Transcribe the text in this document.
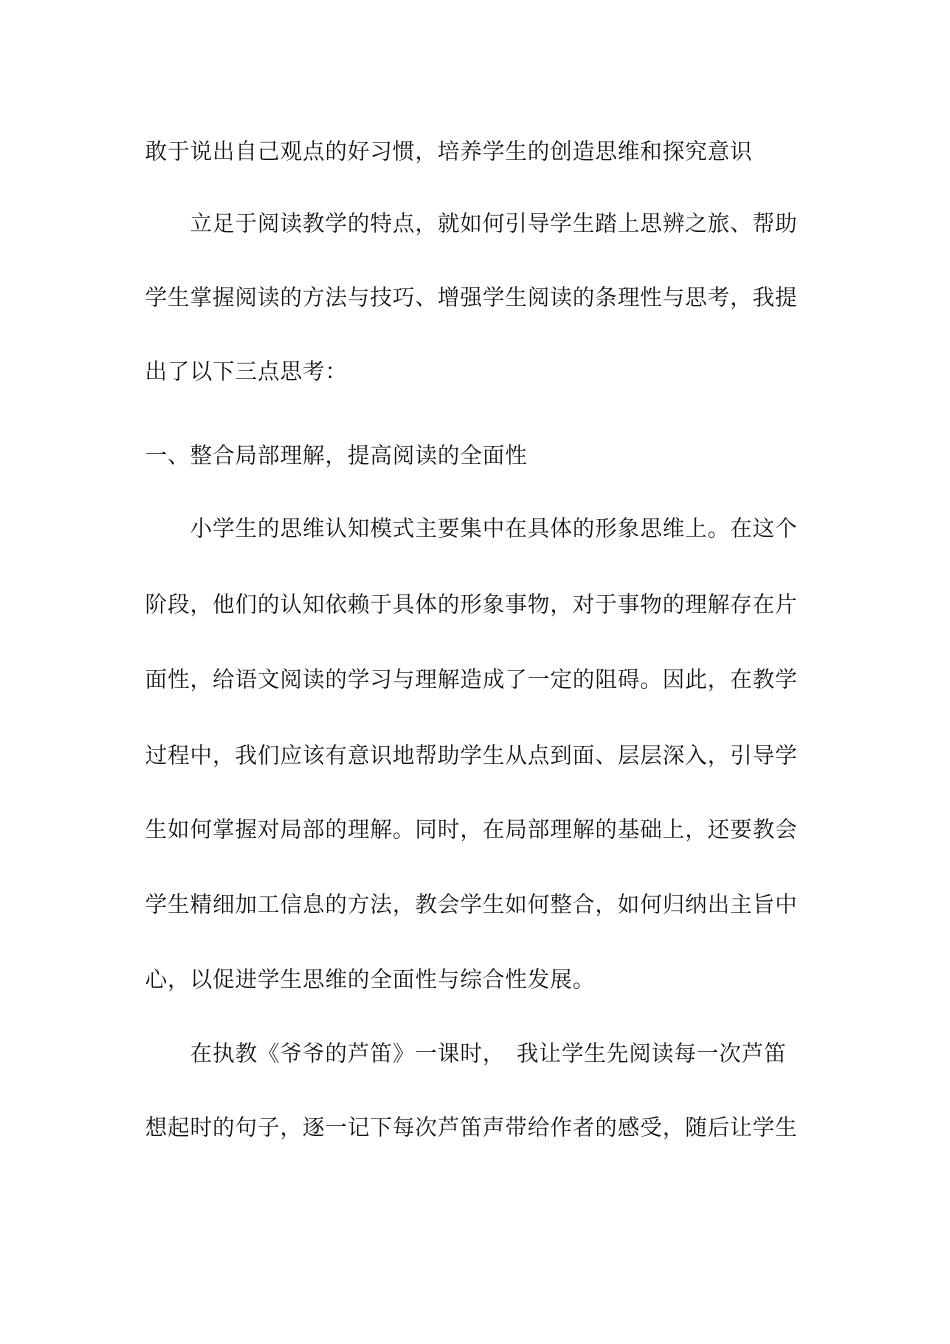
敢于说出自己观点的好习惯，培养学生的创造思维和探究意识
立足于阅读教学的特点，就如何引导学生踏上思辨之旅、帮助
学生掌握阅读的方法与技巧、增强学生阅读的条理性与思考，我提
出了以下三点思考：
一、整合局部理解，提高阅读的全面性
小学生的思维认知模式主要集中在具体的形象思维上。在这个
阶段，他们的认知依赖于具体的形象事物，对于事物的理解存在片
面性，给语文阅读的学习与理解造成了一定的阻碍。因此，在教学
过程中，我们应该有意识地帮助学生从点到面、层层深入，引导学
生如何掌握对局部的理解。同时，在局部理解的基础上，还要教会
学生精细加工信息的方法，教会学生如何整合，如何归纳出主旨中
心，以促进学生思维的全面性与综合性发展。
在执教《爷爷的芦笛》一课时，　我让学生先阅读每一次芦笛
想起时的句子，逐一记下每次芦笛声带给作者的感受，随后让学生
